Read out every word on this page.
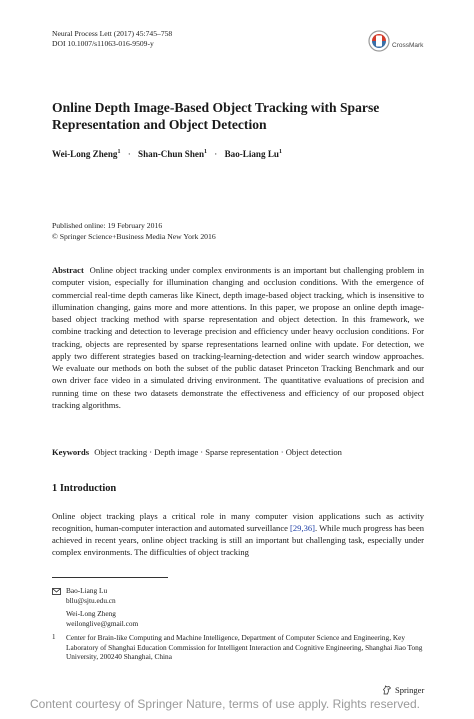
Neural Process Lett (2017) 45:745–758
DOI 10.1007/s11063-016-9509-y	CrossMark
Online Depth Image-Based Object Tracking with Sparse Representation and Object Detection
Wei-Long Zheng$^1$ · Shan-Chun Shen$^1$ · Bao-Liang Lu$^1$
Published online: 19 February 2016
© Springer Science+Business Media New York 2016
Abstract Online object tracking under complex environments is an important but challenging problem in computer vision, especially for illumination changing and occlusion conditions. With the emergence of commercial real-time depth cameras like Kinect, depth image-based object tracking, which is insensitive to illumination changing, gains more and more attentions. In this paper, we propose an online depth image-based object tracking method with sparse representation and object detection. In this framework, we combine tracking and detection to leverage precision and efficiency under heavy occlusion conditions. For tracking, objects are represented by sparse representations learned online with update. For detection, we apply two different strategies based on tracking-learning-detection and wider search window approaches. We evaluate our methods on both the subset of the public dataset Princeton Tracking Benchmark and our own driver face video in a simulated driving environment. The quantitative evaluations of precision and running time on these two datasets demonstrate the effectiveness and efficiency of our proposed object tracking algorithms.
Keywords Object tracking · Depth image · Sparse representation · Object detection
1 Introduction
Online object tracking plays a critical role in many computer vision applications such as activity recognition, human-computer interaction and automated surveillance [29,36]. While much progress has been achieved in recent years, online object tracking is still an important but challenging task, especially under complex environments. The difficulties of object tracking
Bao-Liang Lu
bllu@sjtu.edu.cn
Wei-Long Zheng
weilonglive@gmail.com
1	Center for Brain-like Computing and Machine Intelligence, Department of Computer Science and Engineering, Key Laboratory of Shanghai Education Commission for Intelligent Interaction and Cognitive Engineering, Shanghai Jiao Tong University, 200240 Shanghai, China
Springer
Content courtesy of Springer Nature, terms of use apply. Rights reserved.
